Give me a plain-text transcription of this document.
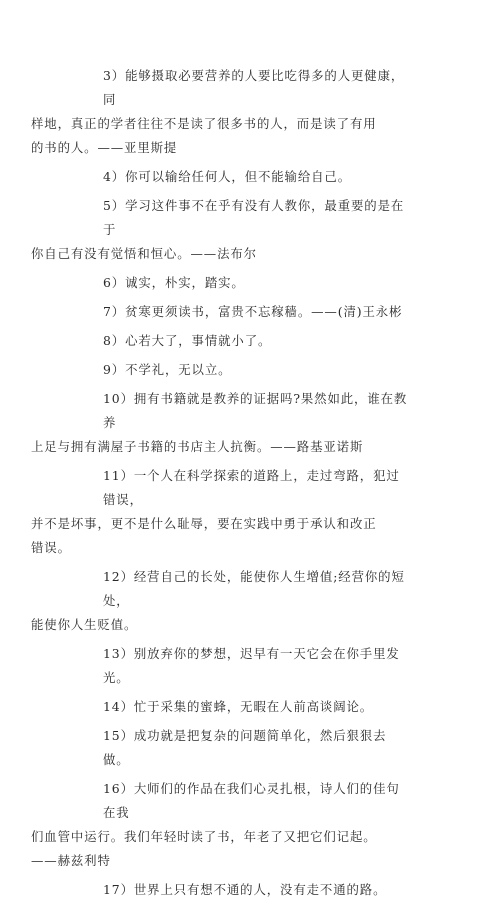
3）能够摄取必要营养的人要比吃得多的人更健康，同
样地，真正的学者往往不是读了很多书的人，而是读了有用
的书的人。——亚里斯提

4）你可以输给任何人，但不能输给自己。

5）学习这件事不在乎有没有人教你，最重要的是在于
你自己有没有觉悟和恒心。——法布尔

6）诚实，朴实，踏实。

7）贫寒更须读书，富贵不忘稼穑。——(清)王永彬

8）心若大了，事情就小了。

9）不学礼，无以立。

10）拥有书籍就是教养的证据吗?果然如此，谁在教养
上足与拥有满屋子书籍的书店主人抗衡。——路基亚诺斯

11）一个人在科学探索的道路上，走过弯路，犯过错误，
并不是坏事，更不是什么耻辱，要在实践中勇于承认和改正
错误。

12）经营自己的长处，能使你人生增值;经营你的短处，
能使你人生贬值。

13）别放弃你的梦想，迟早有一天它会在你手里发光。

14）忙于采集的蜜蜂，无暇在人前高谈阔论。

15）成功就是把复杂的问题简单化，然后狠狠去做。

16）大师们的作品在我们心灵扎根，诗人们的佳句在我
们血管中运行。我们年轻时读了书，年老了又把它们记起。
——赫兹利特

17）世界上只有想不通的人，没有走不通的路。
